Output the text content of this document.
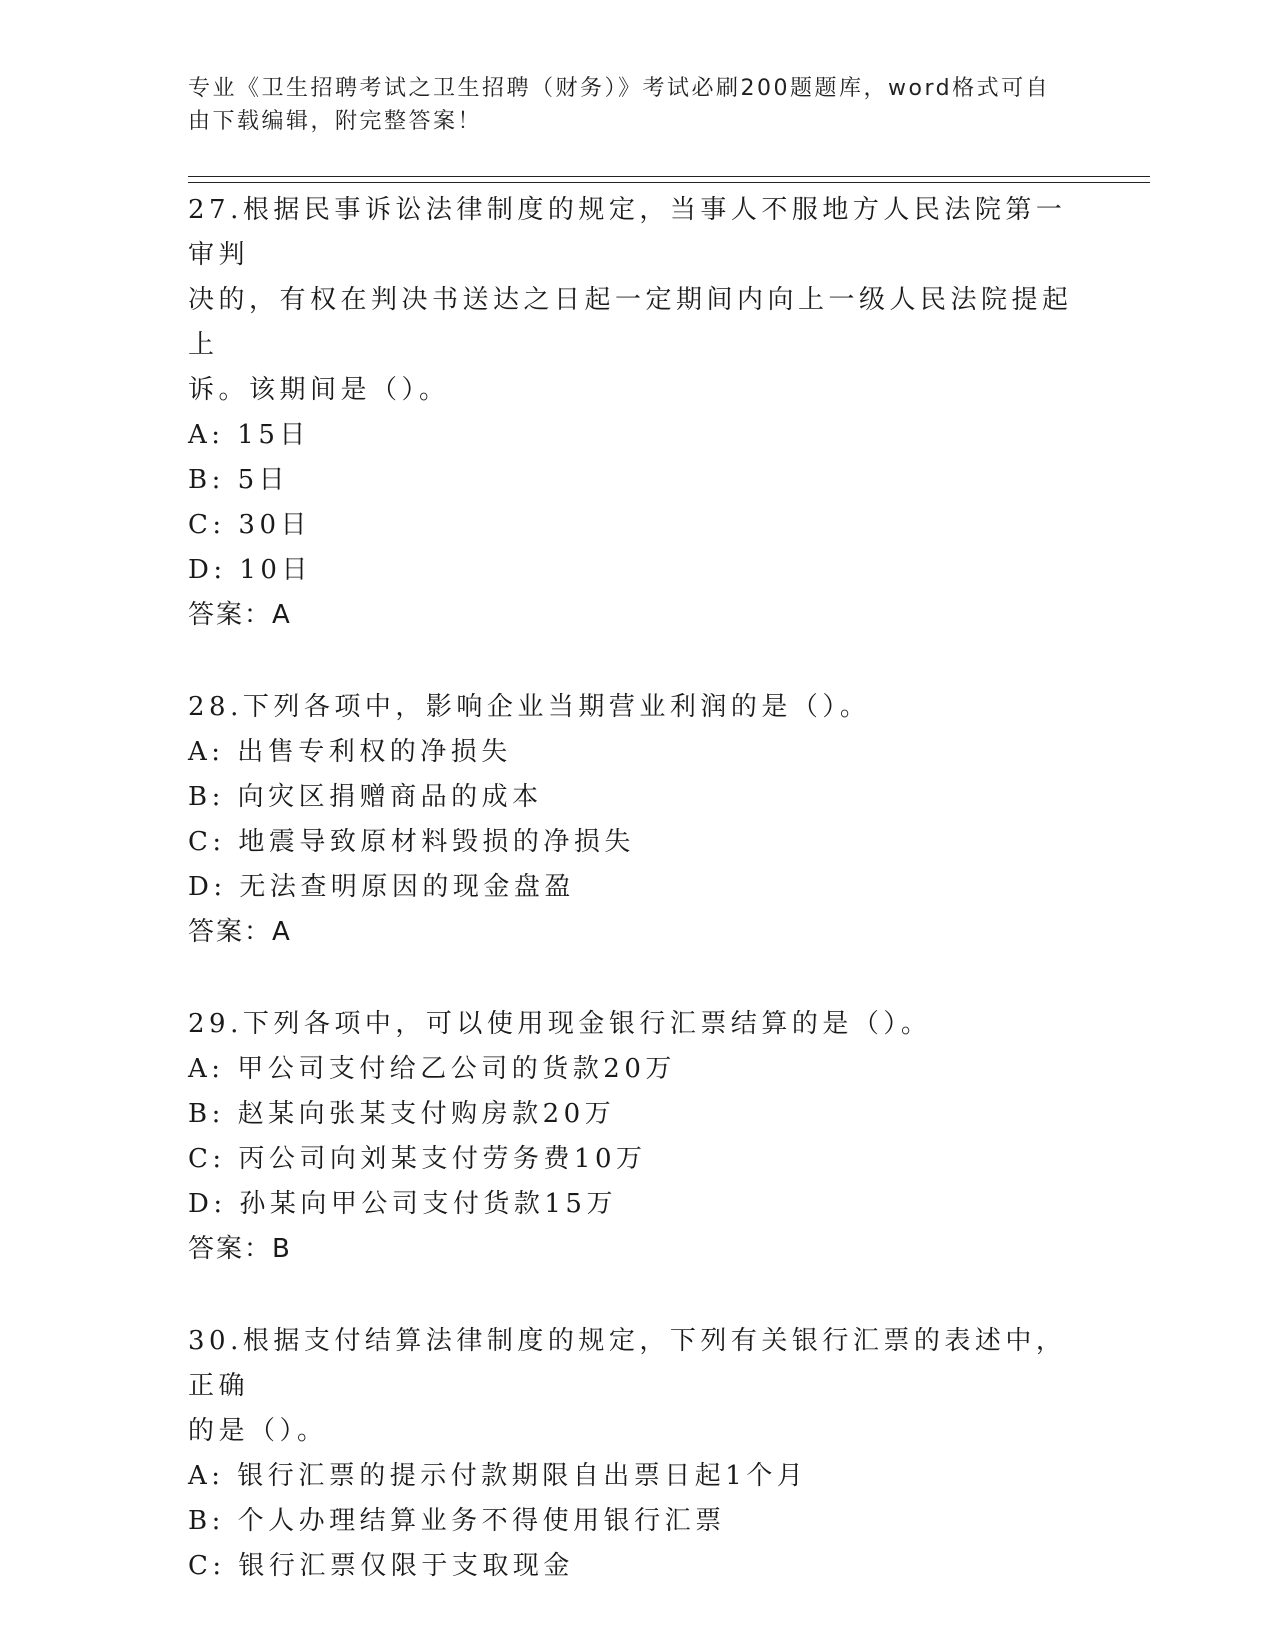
专业《卫生招聘考试之卫生招聘（财务）》考试必刷200题题库，word格式可自
由下载编辑，附完整答案！

27.根据民事诉讼法律制度的规定，当事人不服地方人民法院第一审判

决的，有权在判决书送达之日起一定期间内向上一级人民法院提起上

诉。该期间是（）。

A: 15日

B: 5日

C: 30日

D: 10日

答案：A

28.下列各项中，影响企业当期营业利润的是（）。

A: 出售专利权的净损失

B: 向灾区捐赠商品的成本

C: 地震导致原材料毁损的净损失

D: 无法查明原因的现金盘盈

答案：A

29.下列各项中，可以使用现金银行汇票结算的是（）。

A: 甲公司支付给乙公司的货款20万

B: 赵某向张某支付购房款20万

C: 丙公司向刘某支付劳务费10万

D: 孙某向甲公司支付货款15万

答案：B

30.根据支付结算法律制度的规定，下列有关银行汇票的表述中，正确

的是（）。

A: 银行汇票的提示付款期限自出票日起1个月

B: 个人办理结算业务不得使用银行汇票

C: 银行汇票仅限于支取现金
